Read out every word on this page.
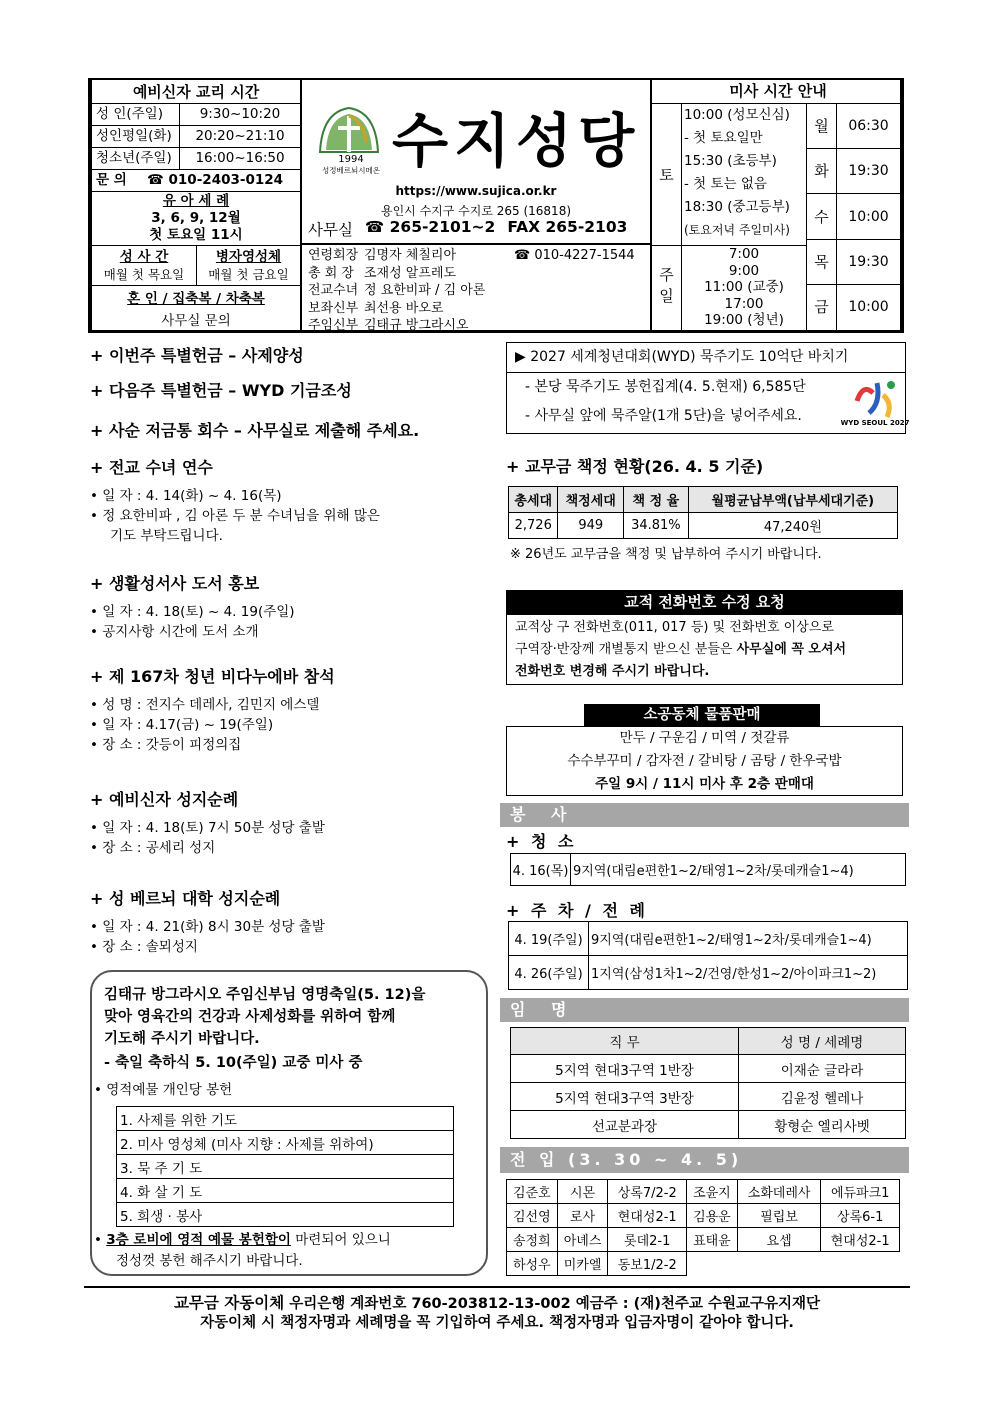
예비신자 교리 시간
성 인(주일)	9:30~10:20
성인평일(화)	20:20~21:10
청소년(주일)	16:00~16:50
문 의	☎ 010-2403-0124
유 아 세 례
3, 6, 9, 12월
첫 토요일 11시
성 사 간
매월 첫 목요일
병자영성체
매월 첫 금요일
혼 인 / 집축복 / 차축복
사무실 문의
1994
성정베르뇌시메온 수지성당
https://www.sujica.or.kr
용인시 수지구 수지로 265 (16818)
사무실 ☎ 265-2101~2 FAX 265-2103
연령회장 김명자 체칠리아	☎ 010-4227-1544
총 회 장 조재성 알프레도
전교수녀 정 요한비파 / 김 아론
보좌신부 최선용 바오로
주임신부 김태규 방그라시오
미사 시간 안내
토
10:00 (성모신심)
- 첫 토요일만
15:30 (초등부)
- 첫 토는 없음
18:30 (중고등부)
(토요저녁 주일미사)
주일
7:00
9:00
11:00 (교중)
17:00
19:00 (청년)
월	06:30
화	19:30
수	10:00
목	19:30
금	10:00
+ 이번주 특별헌금 – 사제양성
+ 다음주 특별헌금 – WYD 기금조성
+ 사순 저금통 회수 – 사무실로 제출해 주세요.
+ 전교 수녀 연수
• 일 자 : 4. 14(화) ~ 4. 16(목)
• 정 요한비파 , 김 아론 두 분 수녀님을 위해 많은

기도 부탁드립니다.

+ 생활성서사 도서 홍보
• 일 자 : 4. 18(토) ~ 4. 19(주일)
• 공지사항 시간에 도서 소개
+ 제 167차 청년 비다누에바 참석
• 성 명 : 전지수 데레사, 김민지 에스델
• 일 자 : 4.17(금) ~ 19(주일)
• 장 소 : 갓등이 피정의집
+ 예비신자 성지순례
• 일 자 : 4. 18(토) 7시 50분 성당 출발
• 장 소 : 공세리 성지
+ 성 베르뇌 대학 성지순례
• 일 자 : 4. 21(화) 8시 30분 성당 출발
• 장 소 : 솔뫼성지
김태규 방그라시오 주임신부님 영명축일(5. 12)을
맞아 영육간의 건강과 사제성화를 위하여 함께
기도해 주시기 바랍니다.
- 축일 축하식 5. 10(주일) 교중 미사 중
• 영적예물 개인당 봉헌
1. 사제를 위한 기도
2. 미사 영성체 (미사 지향 : 사제를 위하여)
3. 묵 주 기 도
4. 화 살 기 도
5. 희생 · 봉사
• 3층 로비에 영적 예물 봉헌함이 마련되어 있으니
정성껏 봉헌 해주시기 바랍니다.
▶ 2027 세계청년대회(WYD) 묵주기도 10억단 바치기
- 본당 묵주기도 봉헌집계(4. 5.현재) 6,585단
- 사무실 앞에 묵주알(1개 5단)을 넣어주세요.	WYD SEOUL 2027
+ 교무금 책정 현황(26. 4. 5 기준)
총세대	책정세대	책 정 율	월평균납부액(납부세대기준)
2,726	949	34.81%	47,240원
※ 26년도 교무금을 책정 및 납부하여 주시기 바랍니다.
교적 전화번호 수정 요청
교적상 구 전화번호(011, 017 등) 및 전화번호 이상으로
구역장·반장께 개별통지 받으신 분들은 사무실에 꼭 오셔서
전화번호 변경해 주시기 바랍니다.
소공동체 물품판매
만두 / 구운김 / 미역 / 젓갈류
수수부꾸미 / 감자전 / 갈비탕 / 곰탕 / 한우국밥
주일 9시 / 11시 미사 후 2층 판매대
봉 사
+ 청 소
4. 16(목)	9지역(대림e편한1~2/태영1~2차/롯데캐슬1~4)
+ 주 차 / 전 례
4. 19(주일)	9지역(대림e편한1~2/태영1~2차/롯데캐슬1~4)
4. 26(주일)	1지역(삼성1차1~2/건영/한성1~2/아이파크1~2)
임 명
직 무	성 명 / 세례명
5지역 현대3구역 1반장	이재순 글라라
5지역 현대3구역 3반장	김윤정 헬레나
선교분과장	황형순 엘리사벳
전 입 (3. 30 ~ 4. 5)
김준호	시몬	상록7/2-2	조윤지	소화데레사	에듀파크1
김선영	로사	현대성2-1	김용운	필립보	상록6-1
송정희	아녜스	롯데2-1	표태윤	요셉	현대성2-1
하성우	미카엘	동보1/2-2			
교무금 자동이체 우리은행 계좌번호 760-203812-13-002 예금주 : (재)천주교 수원교구유지재단
자동이체 시 책정자명과 세례명을 꼭 기입하여 주세요. 책정자명과 입금자명이 같아야 합니다.
